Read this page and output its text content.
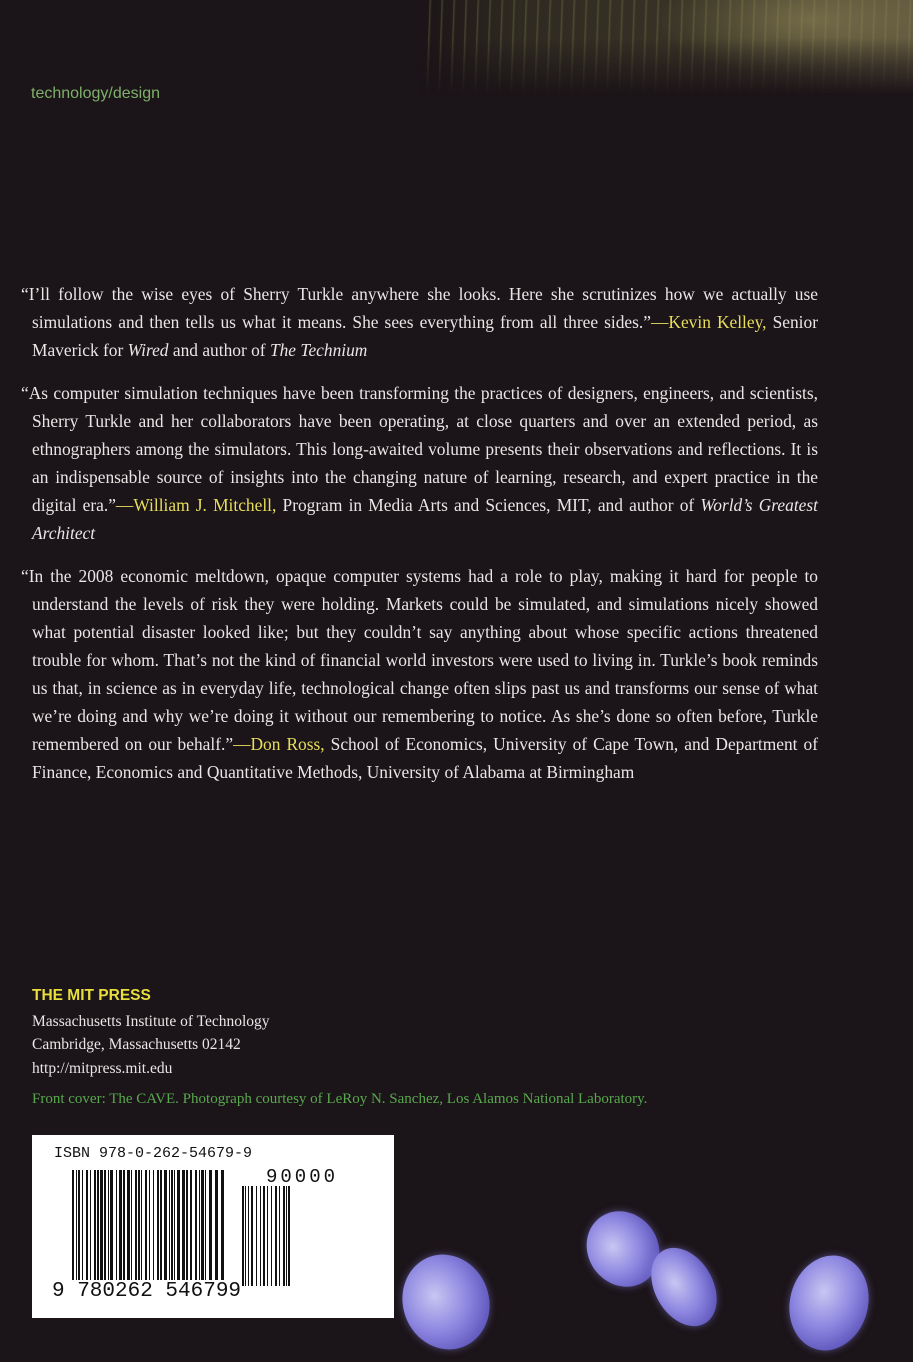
technology/design

“I’ll follow the wise eyes of Sherry Turkle anywhere she looks. Here she scrutinizes how we actually use simulations and then tells us what it means. She sees everything from all three sides.”—Kevin Kelley, Senior Maverick for Wired and author of The Technium

“As computer simulation techniques have been transforming the practices of designers, engineers, and scientists, Sherry Turkle and her collaborators have been operating, at close quarters and over an extended period, as ethnographers among the simulators. This long-awaited volume presents their observations and reflections. It is an indispensable source of insights into the changing nature of learning, research, and expert practice in the digital era.”—William J. Mitchell, Program in Media Arts and Sciences, MIT, and author of World’s Greatest Architect

“In the 2008 economic meltdown, opaque computer systems had a role to play, making it hard for people to understand the levels of risk they were holding. Markets could be simulated, and simulations nicely showed what potential disaster looked like; but they couldn’t say anything about whose specific actions threatened trouble for whom. That’s not the kind of financial world investors were used to living in. Turkle’s book reminds us that, in science as in everyday life, technological change often slips past us and transforms our sense of what we’re doing and why we’re doing it without our remembering to notice. As she’s done so often before, Turkle remembered on our behalf.”—Don Ross, School of Economics, University of Cape Town, and Department of Finance, Economics and Quantitative Methods, University of Alabama at Birmingham

THE MIT PRESS
Massachusetts Institute of Technology
Cambridge, Massachusetts 02142
http://mitpress.mit.edu
Front cover: The CAVE. Photograph courtesy of LeRoy N. Sanchez, Los Alamos National Laboratory.
ISBN 978-0-262-54679-9
90000
9 780262 546799
